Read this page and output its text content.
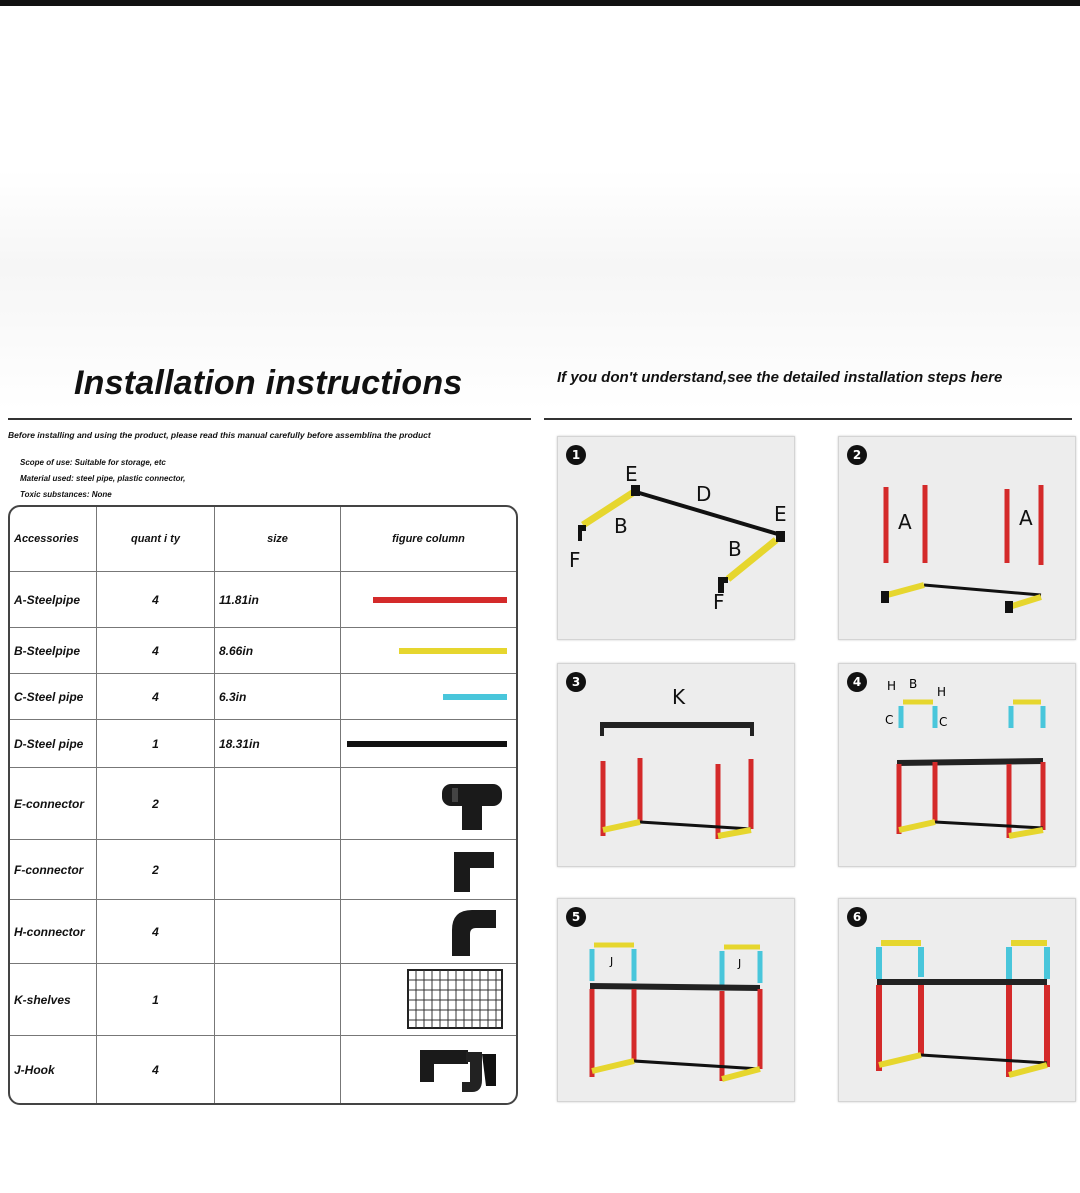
Installation instructions	If you don't understand,see the detailed installation steps here
Before installing and using the product, please read this manual carefully before assemblina the product
Scope of use: Suitable for storage, etc
Material used: steel pipe, plastic connector,
Toxic substances: None
Accessories	quant i ty	size	figure column
A-Steelpipe	4	11.81in	

B-Steelpipe	4	8.66in	

C-Steel pipe	4	6.3in	

D-Steel pipe	1	18.31in	

E-connector	2		

F-connector	2		

H-connector	4		

K-shelves	1		

J-Hook	4		
1
E
D
E
B
B
F
F
2
A	A
3
K
4	H B
H
C	C
5
J	J
6
